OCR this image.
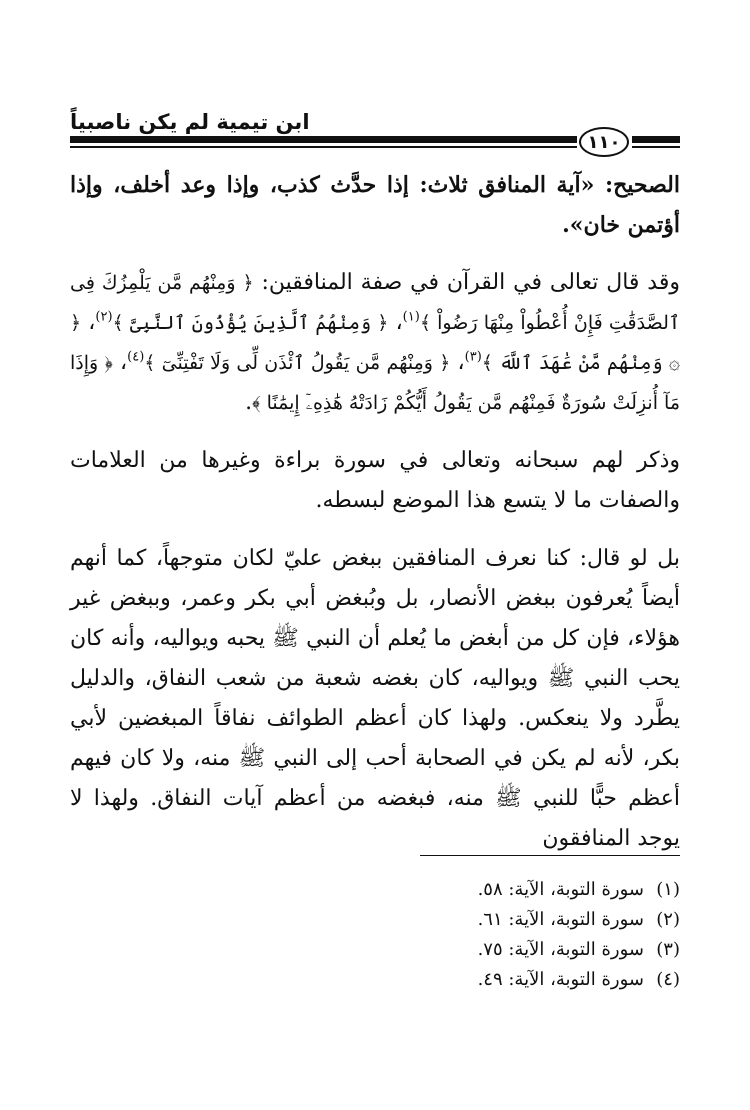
ابن تيمية لم يكن ناصبياً
١١٠

الصحيح: «آية المنافق ثلاث: إذا حدَّث كذب، وإذا وعد أخلف، وإذا أؤتمن خان».

وقد قال تعالى في القرآن في صفة المنافقين: ﴿ وَمِنْهُم مَّن يَلْمِزُكَ فِى ٱلصَّدَقَٰتِ فَإِنْ أُعْطُواْ مِنْهَا رَضُواْ ﴾$^{(١)}$، ﴿ وَمِنْهُمُ ٱلَّذِينَ يُؤْذُونَ ٱلنَّبِىَّ ﴾$^{(٢)}$، ﴿ ۞ وَمِنْهُم مَّنْ عَٰهَدَ ٱللَّهَ ﴾$^{(٣)}$، ﴿ وَمِنْهُم مَّن يَقُولُ ٱئْذَن لِّى وَلَا تَفْتِنِّىٓ ﴾$^{(٤)}$، ﴿ وَإِذَا مَآ أُنزِلَتْ سُورَةٌ فَمِنْهُم مَّن يَقُولُ أَيُّكُمْ زَادَتْهُ هَٰذِهِۦٓ إِيمَٰنًا ﴾.

وذكر لهم سبحانه وتعالى في سورة براءة وغيرها من العلامات والصفات ما لا يتسع هذا الموضع لبسطه.

بل لو قال: كنا نعرف المنافقين ببغض عليّ لكان متوجهاً، كما أنهم أيضاً يُعرفون ببغض الأنصار، بل وبُبغض أبي بكر وعمر، وببغض غير هؤلاء، فإن كل من أبغض ما يُعلم أن النبي ﷺ يحبه ويواليه، وأنه كان يحب النبي ﷺ ويواليه، كان بغضه شعبة من شعب النفاق، والدليل يطَّرد ولا ينعكس. ولهذا كان أعظم الطوائف نفاقاً المبغضين لأبي بكر، لأنه لم يكن في الصحابة أحب إلى النبي ﷺ منه، ولا كان فيهم أعظم حبًّا للنبي ﷺ منه، فبغضه من أعظم آيات النفاق. ولهذا لا يوجد المنافقون

(١)سورة التوبة، الآية: ٥٨.

(٢)سورة التوبة، الآية: ٦١.

(٣)سورة التوبة، الآية: ٧٥.

(٤)سورة التوبة، الآية: ٤٩.
